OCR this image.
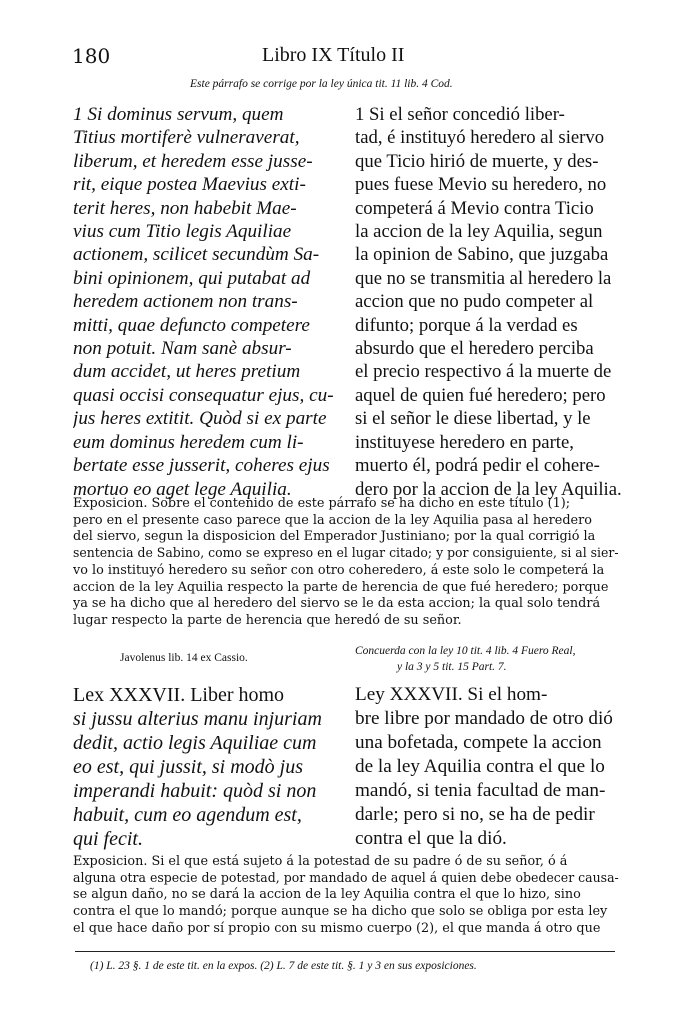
180	Libro IX Título II
Este párrafo se corrige por la ley única tit. 11 lib. 4 Cod.
1 Si dominus servum, quem
Titius mortiferè vulneraverat,
liberum, et heredem esse jusse-
rit, eique postea Maevius exti-
terit heres, non habebit Mae-
vius cum Titio legis Aquiliae
actionem, scilicet secundùm Sa-
bini opinionem, qui putabat ad
heredem actionem non trans-
mitti, quae defuncto competere
non potuit. Nam sanè absur-
dum accidet, ut heres pretium
quasi occisi consequatur ejus, cu-
jus heres extitit. Quòd si ex parte
eum dominus heredem cum li-
bertate esse jusserit, coheres ejus
mortuo eo aget lege Aquilia.
1 Si el señor concedió liber-
tad, é instituyó heredero al siervo
que Ticio hirió de muerte, y des-
pues fuese Mevio su heredero, no
competerá á Mevio contra Ticio
la accion de la ley Aquilia, segun
la opinion de Sabino, que juzgaba
que no se transmitia al heredero la
accion que no pudo competer al
difunto; porque á la verdad es
absurdo que el heredero perciba
el precio respectivo á la muerte de
aquel de quien fué heredero; pero
si el señor le diese libertad, y le
instituyese heredero en parte,
muerto él, podrá pedir el cohere-
dero por la accion de la ley Aquilia.
Exposicion. Sobre el contenido de este párrafo se ha dicho en este título (1);
pero en el presente caso parece que la accion de la ley Aquilia pasa al heredero
del siervo, segun la disposicion del Emperador Justiniano; por la qual corrigió la
sentencia de Sabino, como se expreso en el lugar citado; y por consiguiente, si al sier-
vo lo instituyó heredero su señor con otro coheredero, á este solo le competerá la
accion de la ley Aquilia respecto la parte de herencia de que fué heredero; porque
ya se ha dicho que al heredero del siervo se le da esta accion; la qual solo tendrá
lugar respecto la parte de herencia que heredó de su señor.
Javolenus lib. 14 ex Cassio.
Concuerda con la ley 10 tit. 4 lib. 4 Fuero Real,
y la 3 y 5 tit. 15 Part. 7.
Lex XXXVII. Liber homo
si jussu alterius manu injuriam
dedit, actio legis Aquiliae cum
eo est, qui jussit, si modò jus
imperandi habuit: quòd si non
habuit, cum eo agendum est,
qui fecit.
Ley XXXVII. Si el hom-
bre libre por mandado de otro dió
una bofetada, compete la accion
de la ley Aquilia contra el que lo
mandó, si tenia facultad de man-
darle; pero si no, se ha de pedir
contra el que la dió.
Exposicion. Si el que está sujeto á la potestad de su padre ó de su señor, ó á
alguna otra especie de potestad, por mandado de aquel á quien debe obedecer causa-
se algun daño, no se dará la accion de la ley Aquilia contra el que lo hizo, sino
contra el que lo mandó; porque aunque se ha dicho que solo se obliga por esta ley
el que hace daño por sí propio con su mismo cuerpo (2), el que manda á otro que
(1) L. 23 §. 1 de este tit. en la expos. (2) L. 7 de este tit. §. 1 y 3 en sus exposiciones.
